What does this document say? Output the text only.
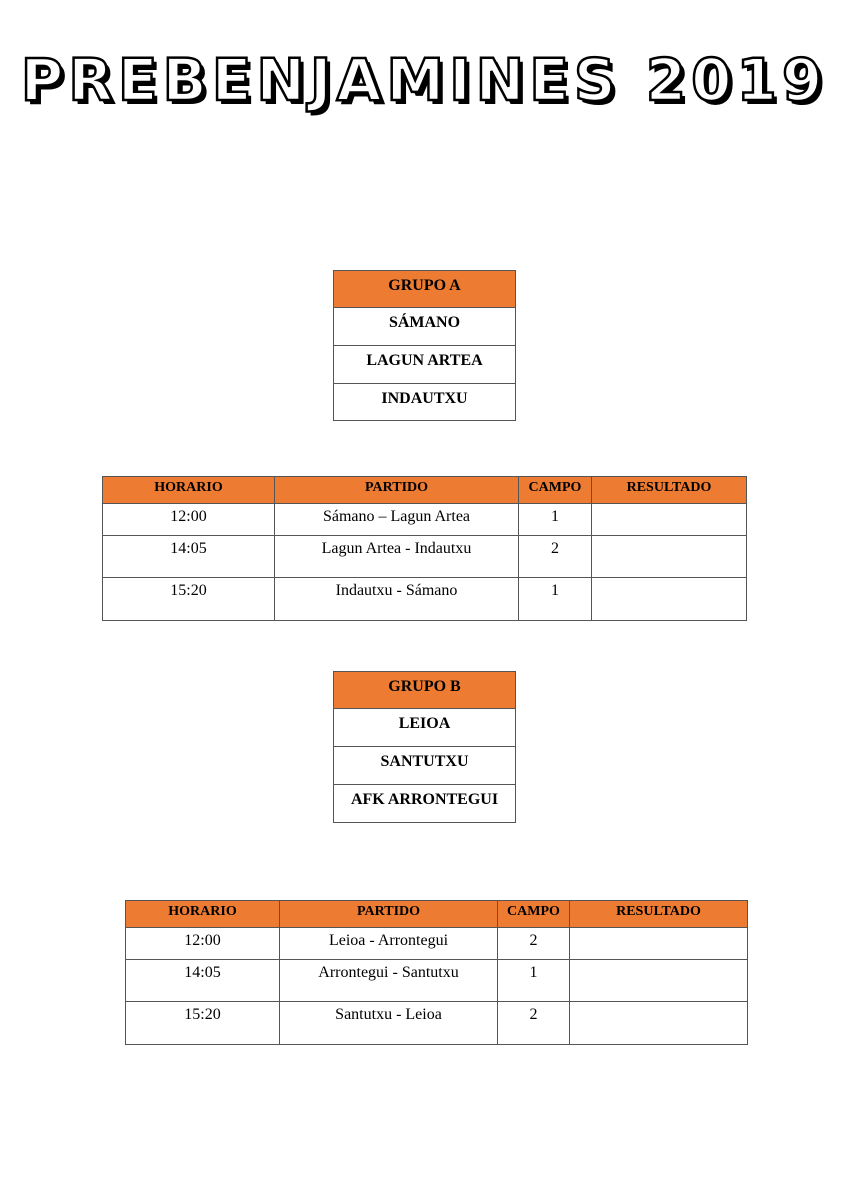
PREBENJAMINES 2019
GRUPO A
SÁMANO
LAGUN ARTEA
INDAUTXU
HORARIO	PARTIDO	CAMPO	RESULTADO
12:00	Sámano – Lagun Artea	1	
14:05	Lagun Artea - Indautxu	2	
15:20	Indautxu - Sámano	1	
GRUPO B
LEIOA
SANTUTXU
AFK ARRONTEGUI
HORARIO	PARTIDO	CAMPO	RESULTADO
12:00	Leioa - Arrontegui	2	
14:05	Arrontegui - Santutxu	1	
15:20	Santutxu - Leioa	2	
